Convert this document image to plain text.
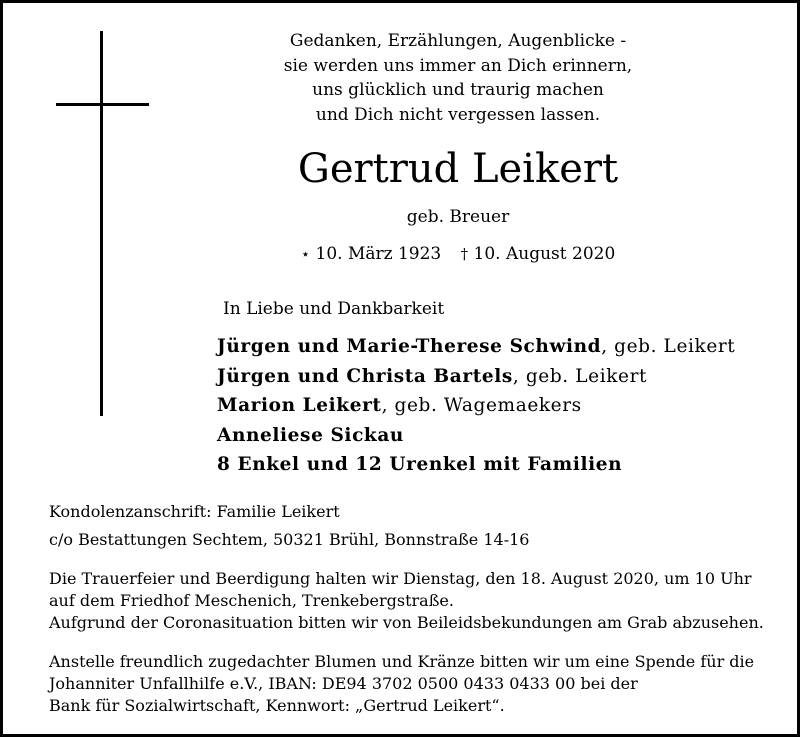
Gedanken, Erzählungen, Augenblicke -
sie werden uns immer an Dich erinnern,
uns glücklich und traurig machen
und Dich nicht vergessen lassen.
Gertrud Leikert
geb. Breuer
⋆ 10. März 1923 † 10. August 2020
In Liebe und Dankbarkeit
Jürgen und Marie-Therese Schwind, geb. Leikert
Jürgen und Christa Bartels, geb. Leikert
Marion Leikert, geb. Wagemaekers
Anneliese Sickau
8 Enkel und 12 Urenkel mit Familien
Kondolenzanschrift: Familie Leikert
c/o Bestattungen Sechtem, 50321 Brühl, Bonnstraße 14-16
Die Trauerfeier und Beerdigung halten wir Dienstag, den 18. August 2020, um 10 Uhr
auf dem Friedhof Meschenich, Trenkebergstraße.
Aufgrund der Coronasituation bitten wir von Beileidsbekundungen am Grab abzusehen.
Anstelle freundlich zugedachter Blumen und Kränze bitten wir um eine Spende für die
Johanniter Unfallhilfe e.V., IBAN: DE94 3702 0500 0433 0433 00 bei der
Bank für Sozialwirtschaft, Kennwort: „Gertrud Leikert“.
